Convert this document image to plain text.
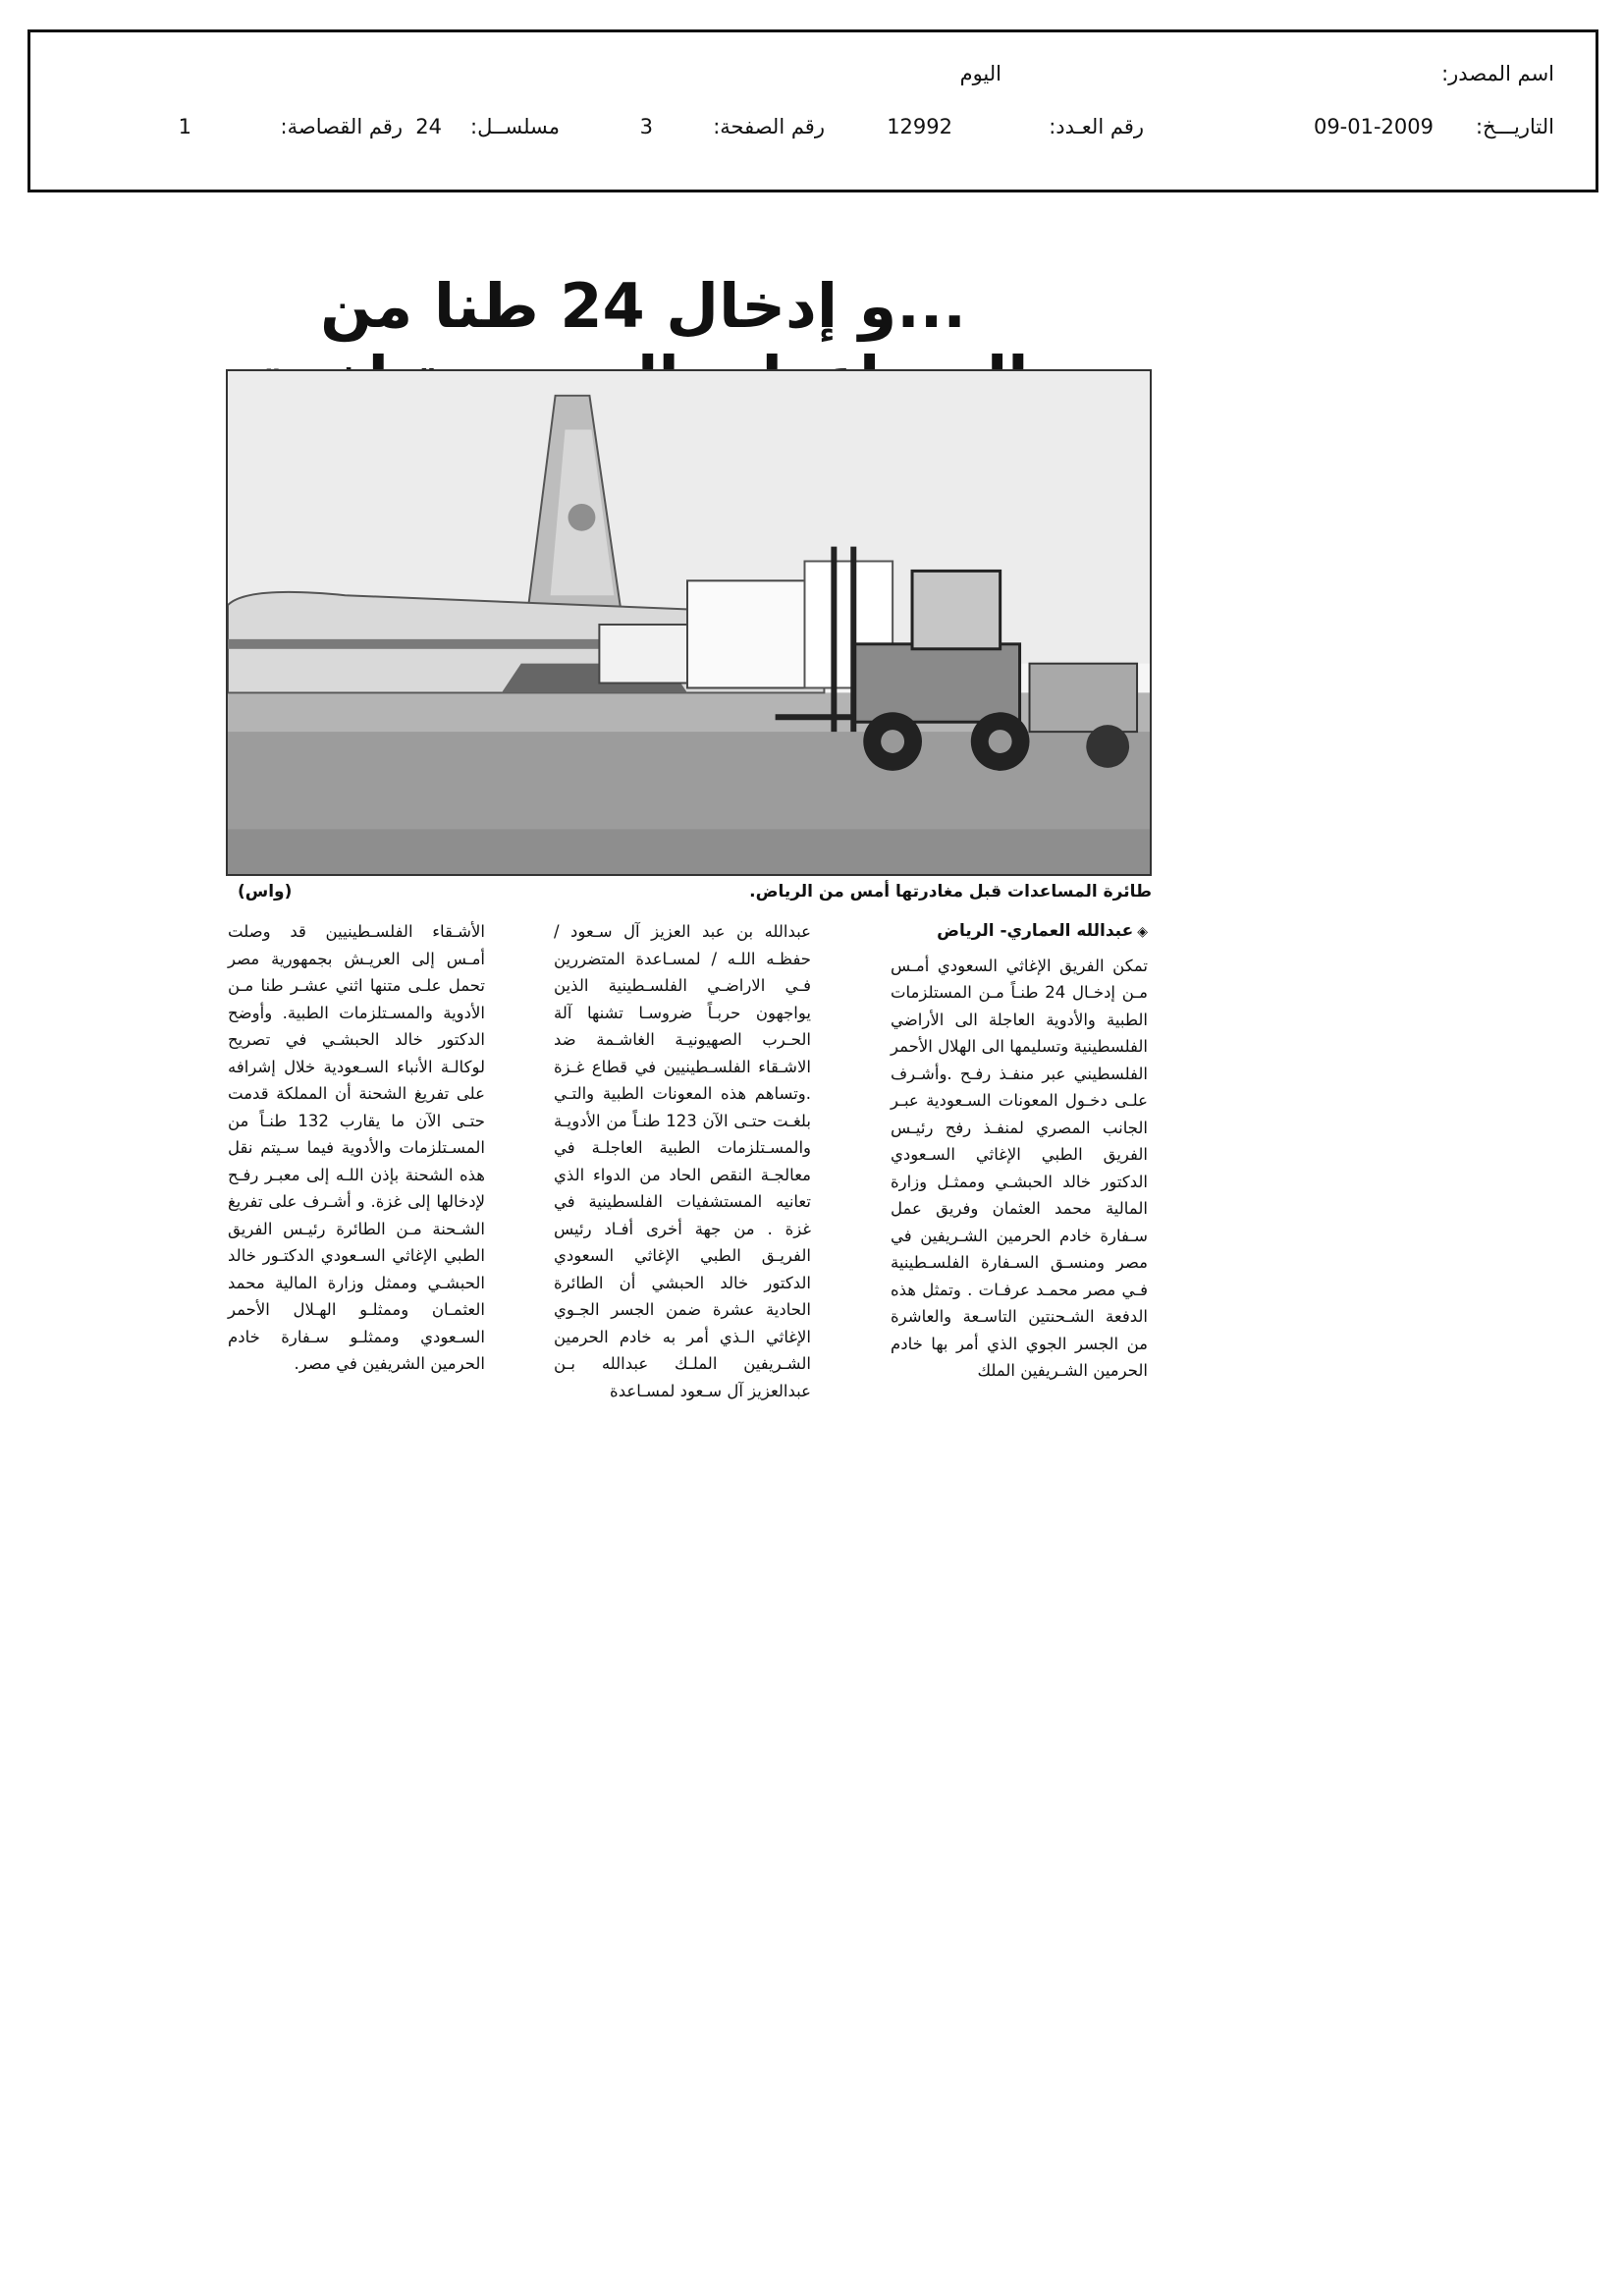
اسم المصدر:
اليوم
التاريـــخ:
09-01-2009
رقم العـدد:
12992
رقم الصفحة:
3
مسلســل:
24
رقم القصاصة:
1
...و إدخال 24 طنا من
(واس)	طائرة المساعدات قبل مغادرتها أمس من الرياض.

◈عبدالله العماري- الرياض

تمكن الفريق الإغاثي السعودي أمـس مـن إدخـال 24 طنـاً مـن المستلزمات الطبية والأدوية العاجلة الى الأراضي الفلسطينية وتسليمها الى الهلال الأحمر الفلسطيني عبر منفـذ رفـح .وأشـرف علـى دخـول المعونات السـعودية عبـر الجانب المصري لمنفـذ رفح رئيـس الفريق الطبي الإغاثي السـعودي الدكتور خالد الحبشـي وممثـل وزارة المالية محمد العثمان وفريق عمل سـفارة خادم الحرمين الشـريفين في مصر ومنسـق السـفارة الفلسـطينية فـي مصر محمـد عرفـات . وتمثل هذه الدفعة الشـحنتين التاسـعة والعاشرة من الجسر الجوي الذي أمر بها خادم الحرمين الشـريفين الملك

عبدالله بن عبد العزيز آل سـعود / حفظـه اللـه / لمسـاعدة المتضررين فـي الاراضـي الفلسـطينية الذين يواجهون حربـاً ضروسـا تشنها آلة الحـرب الصهيونيـة الغاشـمة ضد الاشـقاء الفلسـطينيين في قطاع غـزة .وتساهم هذه المعونات الطبية والتـي بلغـت حتـى الآن 123 طنـاً من الأدويـة والمسـتلزمات الطبية العاجلـة في معالجـة النقص الحاد من الدواء الذي تعانيه المستشفيات الفلسطينية في غزة . من جهة أخرى أفـاد رئيس الفريـق الطبي الإغاثي السعودي الدكتور خالد الحبشي أن الطائرة الحادية عشرة ضمن الجسر الجـوي الإغاثي الـذي أمر به خادم الحرمين الشـريفين الملـك عبدالله بـن عبدالعزيز آل سـعود لمسـاعدة

الأشـقاء الفلسـطينيين قد وصلت أمـس إلى العريـش بجمهورية مصر تحمل علـى متنها اثني عشـر طنا مـن الأدوية والمسـتلزمات الطبية. وأوضح الدكتور خالد الحبشـي في تصريح لوكالـة الأنباء السـعودية خلال إشرافه على تفريغ الشحنة أن المملكة قدمت حتـى الآن ما يقارب 132 طنـاً من المسـتلزمات والأدوية فيما سـيتم نقل هذه الشحنة بإذن اللـه إلى معبـر رفـح لإدخالها إلى غزة. و أشـرف على تفريغ الشـحنة مـن الطائرة رئيـس الفريق الطبي الإغاثي السـعودي الدكتـور خالد الحبشـي وممثل وزارة المالية محمد العثمـان وممثلـو الهـلال الأحمر السـعودي وممثلـو سـفارة خادم الحرمين الشريفين في مصر.
